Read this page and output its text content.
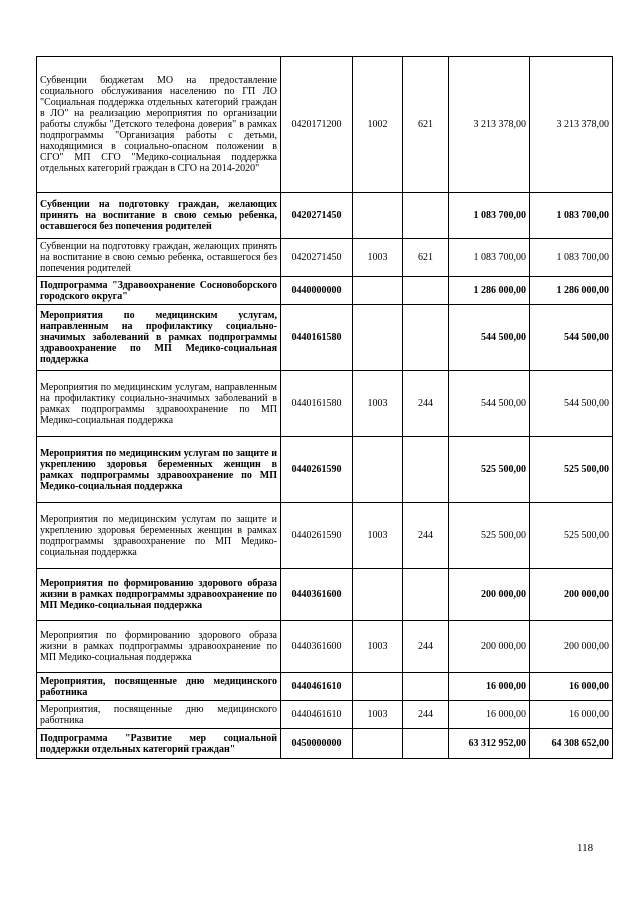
Субвенции бюджетам МО на предоставление социального обслуживания населению по ГП ЛО "Социальная поддержка отдельных категорий граждан в ЛО" на реализацию мероприятия по организации работы службы "Детского телефона доверия" в рамках подпрограммы "Организация работы с детьми, находящимися в социально-опасном положении в СГО" МП СГО "Медико-социальная поддержка отдельных категорий граждан в СГО на 2014-2020"	0420171200	1002	621	3 213 378,00	3 213 378,00
Субвенции на подготовку граждан, желающих принять на воспитание в свою семью ребенка, оставшегося без попечения родителей	0420271450			1 083 700,00	1 083 700,00
Субвенции на подготовку граждан, желающих принять на воспитание в свою семью ребенка, оставшегося без попечения родителей	0420271450	1003	621	1 083 700,00	1 083 700,00
Подпрограмма "Здравоохранение Сосновоборского городского округа"	0440000000			1 286 000,00	1 286 000,00
Мероприятия по медицинским услугам, направленным на профилактику социально-значимых заболеваний в рамках подпрограммы здравоохранение по МП Медико-социальная поддержка	0440161580			544 500,00	544 500,00
Мероприятия по медицинским услугам, направленным на профилактику социально-значимых заболеваний в рамках подпрограммы здравоохранение по МП Медико-социальная поддержка	0440161580	1003	244	544 500,00	544 500,00
Мероприятия по медицинским услугам по защите и укреплению здоровья беременных женщин в рамках подпрограммы здравоохранение по МП Медико-социальная поддержка	0440261590			525 500,00	525 500,00
Мероприятия по медицинским услугам по защите и укреплению здоровья беременных женщин в рамках подпрограммы здравоохранение по МП Медико-социальная поддержка	0440261590	1003	244	525 500,00	525 500,00
Мероприятия по формированию здорового образа жизни в рамках подпрограммы здравоохранение по МП Медико-социальная поддержка	0440361600			200 000,00	200 000,00
Мероприятия по формированию здорового образа жизни в рамках подпрограммы здравоохранение по МП Медико-социальная поддержка	0440361600	1003	244	200 000,00	200 000,00
Мероприятия, посвященные дню медицинского работника	0440461610			16 000,00	16 000,00
Мероприятия, посвященные дню медицинского работника	0440461610	1003	244	16 000,00	16 000,00
Подпрограмма "Развитие мер социальной поддержки отдельных категорий граждан"	0450000000			63 312 952,00	64 308 652,00
118
